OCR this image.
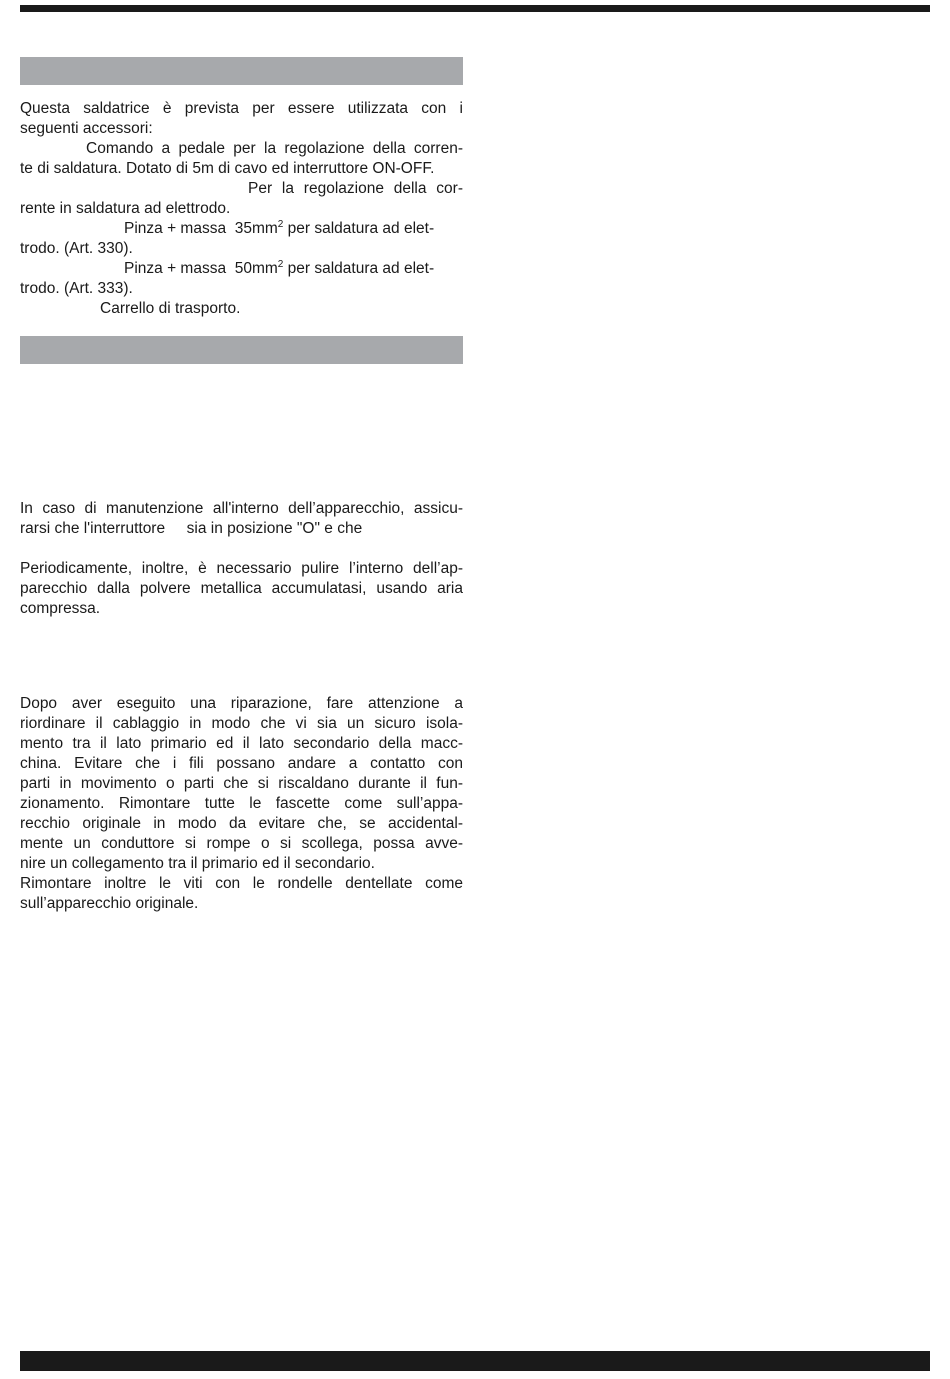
Questa saldatrice è prevista per essere utilizzata con i
seguenti accessori:
Comando a pedale per la regolazione della corren-
te di saldatura. Dotato di 5m di cavo ed interruttore ON-OFF.
Per la regolazione della cor-
rente in saldatura ad elettrodo.
Pinza + massa  $35mm^2$ per saldatura ad elet-
trodo. (Art. 330).
Pinza + massa  $50mm^2$ per saldatura ad elet-
trodo. (Art. 333).
Carrello di trasporto.
In caso di manutenzione all'interno dell’apparecchio, assicu-
rarsi che l'interruttore     sia in posizione "O" e che
Periodicamente, inoltre, è necessario pulire l’interno dell’ap-
parecchio dalla polvere metallica accumulatasi, usando aria
compressa.
Dopo aver eseguito una riparazione, fare attenzione a
riordinare il cablaggio in modo che vi sia un sicuro isola-
mento tra il lato primario ed il lato secondario della macc-
china. Evitare che i fili possano andare a contatto con
parti in movimento o parti che si riscaldano durante il fun-
zionamento. Rimontare tutte le fascette come sull’appa-
recchio originale in modo da evitare che, se accidental-
mente un conduttore si rompe o si scollega, possa avve-
nire un collegamento tra il primario ed il secondario.
Rimontare inoltre le viti con le rondelle dentellate come
sull’apparecchio originale.
